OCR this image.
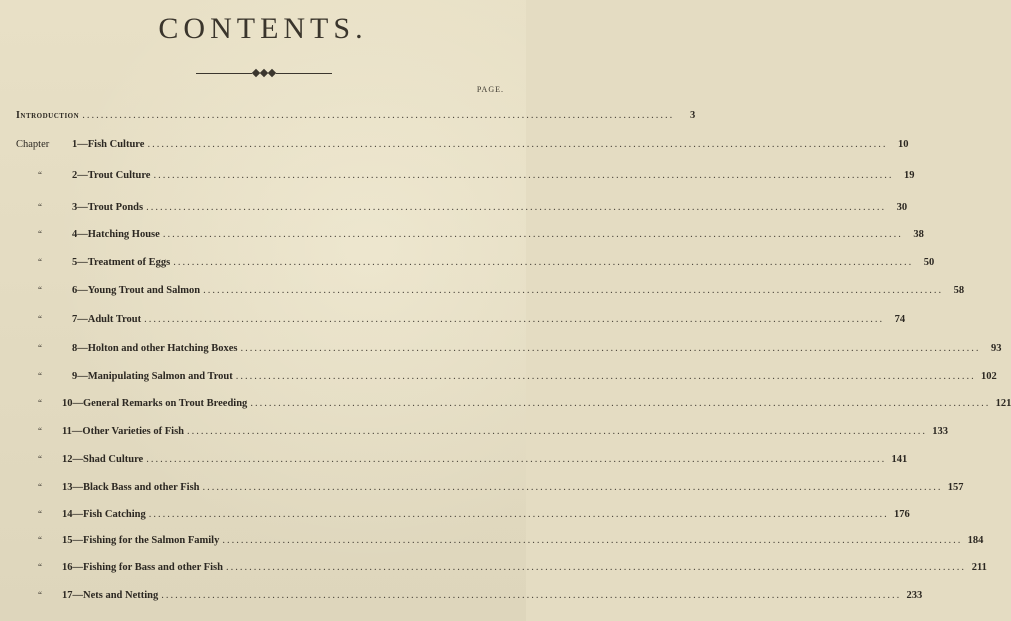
CONTENTS.
PAGE.
Introduction ................................................................................................................................	3
Chapter 1—Fish Culture ................................................................................................................................................................	10
“	2—Trout Culture ................................................................................................................................................................	19
“	3—Trout Ponds ................................................................................................................................................................	30
“	4—Hatching House ................................................................................................................................................................	38
“	5—Treatment of Eggs ................................................................................................................................................................	50
“	6—Young Trout and Salmon ................................................................................................................................................................	58
“	7—Adult Trout ................................................................................................................................................................	74
“	8—Holton and other Hatching Boxes ................................................................................................................................................................	93
“	9—Manipulating Salmon and Trout ................................................................................................................................................................ 102
“ 10—General Remarks on Trout Breeding ................................................................................................................................................................ 121
“ 11—Other Varieties of Fish ................................................................................................................................................................ 133
“ 12—Shad Culture ................................................................................................................................................................ 141
“ 13—Black Bass and other Fish ................................................................................................................................................................ 157
“ 14—Fish Catching ................................................................................................................................................................ 176
“ 15—Fishing for the Salmon Family ................................................................................................................................................................ 184
“ 16—Fishing for Bass and other Fish ................................................................................................................................................................ 211
“ 17—Nets and Netting ................................................................................................................................................................ 233
